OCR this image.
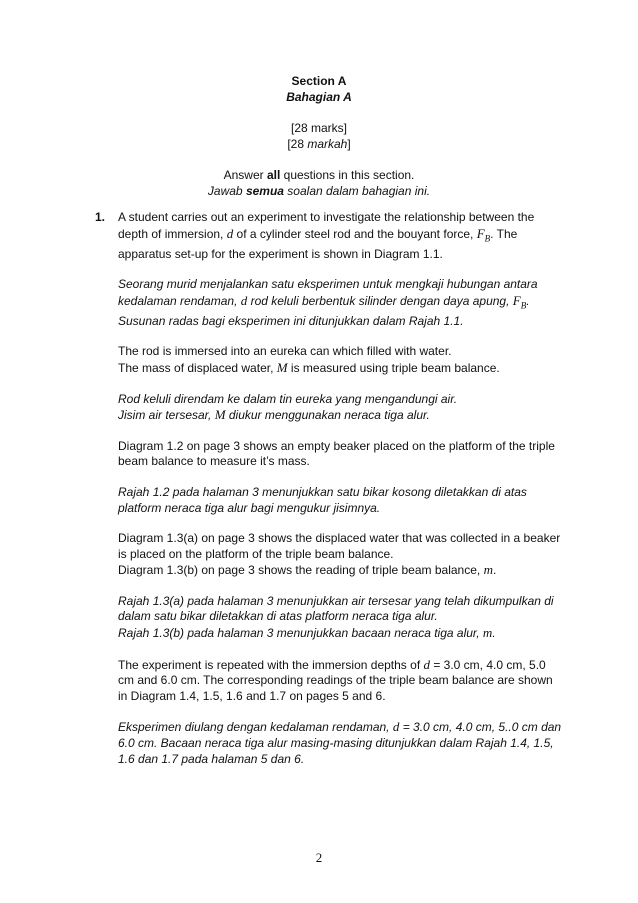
Section A
Bahagian A
[28 marks]
[28 markah]
Answer all questions in this section.
Jawab semua soalan dalam bahagian ini.
1. A student carries out an experiment to investigate the relationship between the depth of immersion, d of a cylinder steel rod and the bouyant force, $F_B$. The apparatus set-up for the experiment is shown in Diagram 1.1.

Seorang murid menjalankan satu eksperimen untuk mengkaji hubungan antara kedalaman rendaman, d rod keluli berbentuk silinder dengan daya apung, $F_B$.
Susunan radas bagi eksperimen ini ditunjukkan dalam Rajah 1.1.

The rod is immersed into an eureka can which filled with water.
The mass of displaced water, M is measured using triple beam balance.

Rod keluli direndam ke dalam tin eureka yang mengandungi air.
Jisim air tersesar, M diukur menggunakan neraca tiga alur.

Diagram 1.2 on page 3 shows an empty beaker placed on the platform of the triple beam balance to measure it’s mass.

Rajah 1.2 pada halaman 3 menunjukkan satu bikar kosong diletakkan di atas platform neraca tiga alur bagi mengukur jisimnya.

Diagram 1.3(a) on page 3 shows the displaced water that was collected in a beaker is placed on the platform of the triple beam balance.
Diagram 1.3(b) on page 3 shows the reading of triple beam balance, m.

Rajah 1.3(a) pada halaman 3 menunjukkan air tersesar yang telah dikumpulkan di dalam satu bikar diletakkan di atas platform neraca tiga alur.
Rajah 1.3(b) pada halaman 3 menunjukkan bacaan neraca tiga alur, m.

The experiment is repeated with the immersion depths of d = 3.0 cm, 4.0 cm, 5.0 cm and 6.0 cm. The corresponding readings of the triple beam balance are shown in Diagram 1.4, 1.5, 1.6 and 1.7 on pages 5 and 6.

Eksperimen diulang dengan kedalaman rendaman, d = 3.0 cm, 4.0 cm, 5..0 cm dan 6.0 cm. Bacaan neraca tiga alur masing-masing ditunjukkan dalam Rajah 1.4, 1.5, 1.6 dan 1.7 pada halaman 5 dan 6.

2
